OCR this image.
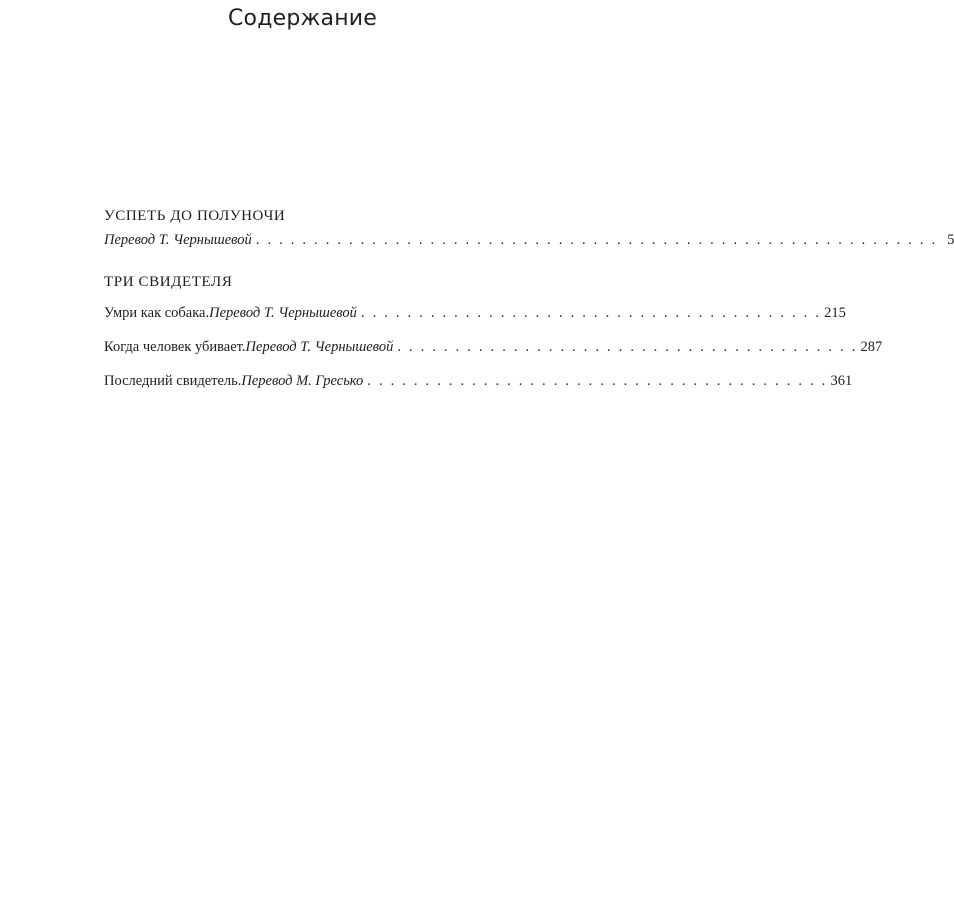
Содержание
УСПЕТЬ ДО ПОЛУНОЧИ
Перевод Т. Чернышевой . . . . . . . . . . . . . . . . . . . . . . . . . . . . . . . . . . . . . . . . . . . . . . . . . . . . . . . . . . . 5
ТРИ СВИДЕТЕЛЯ
Умри как собака. Перевод Т. Чернышевой . . . . . . . . . . . . . . . . . . . . . . . . . . . . . . . . . . . . . . . . 215
Когда человек убивает. Перевод Т. Чернышевой . . . . . . . . . . . . . . . . . . . . . . . . . . . . . . . . . . . . . . . . 287
Последний свидетель. Перевод М. Гресько . . . . . . . . . . . . . . . . . . . . . . . . . . . . . . . . . . . . . . . . 361
